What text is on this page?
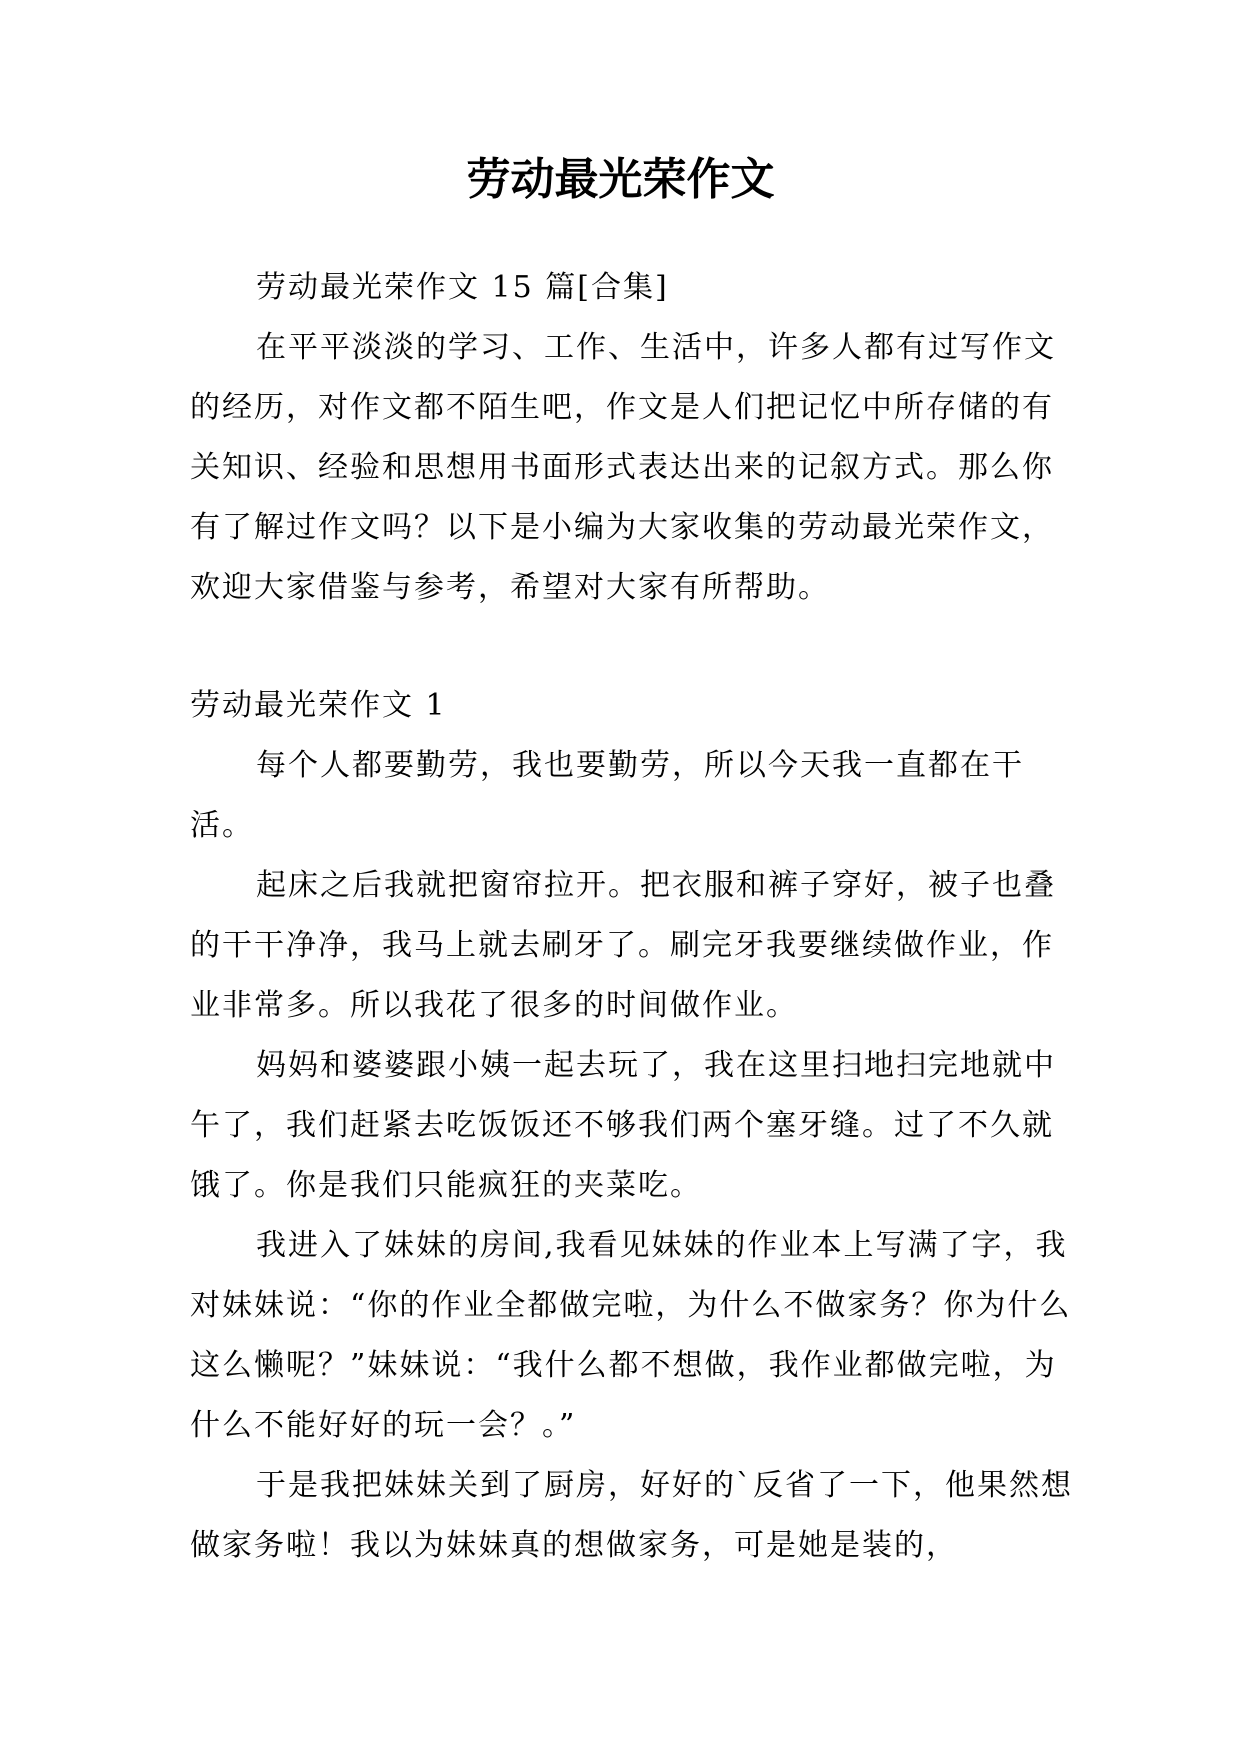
劳动最光荣作文

劳动最光荣作文 15 篇[合集]

在平平淡淡的学习、工作、生活中，许多人都有过写作文的经历，对作文都不陌生吧，作文是人们把记忆中所存储的有关知识、经验和思想用书面形式表达出来的记叙方式。那么你有了解过作文吗？以下是小编为大家收集的劳动最光荣作文，欢迎大家借鉴与参考，希望对大家有所帮助。

劳动最光荣作文 1

每个人都要勤劳，我也要勤劳，所以今天我一直都在干活。

起床之后我就把窗帘拉开。把衣服和裤子穿好，被子也叠的干干净净，我马上就去刷牙了。刷完牙我要继续做作业，作业非常多。所以我花了很多的时间做作业。

妈妈和婆婆跟小姨一起去玩了，我在这里扫地扫完地就中午了，我们赶紧去吃饭饭还不够我们两个塞牙缝。过了不久就饿了。你是我们只能疯狂的夹菜吃。

我进入了妹妹的房间,我看见妹妹的作业本上写满了字，我对妹妹说：“你的作业全都做完啦，为什么不做家务？你为什么这么懒呢？”妹妹说：“我什么都不想做，我作业都做完啦，为什么不能好好的玩一会？。”

于是我把妹妹关到了厨房，好好的`反省了一下，他果然想做家务啦！我以为妹妹真的想做家务，可是她是装的，
